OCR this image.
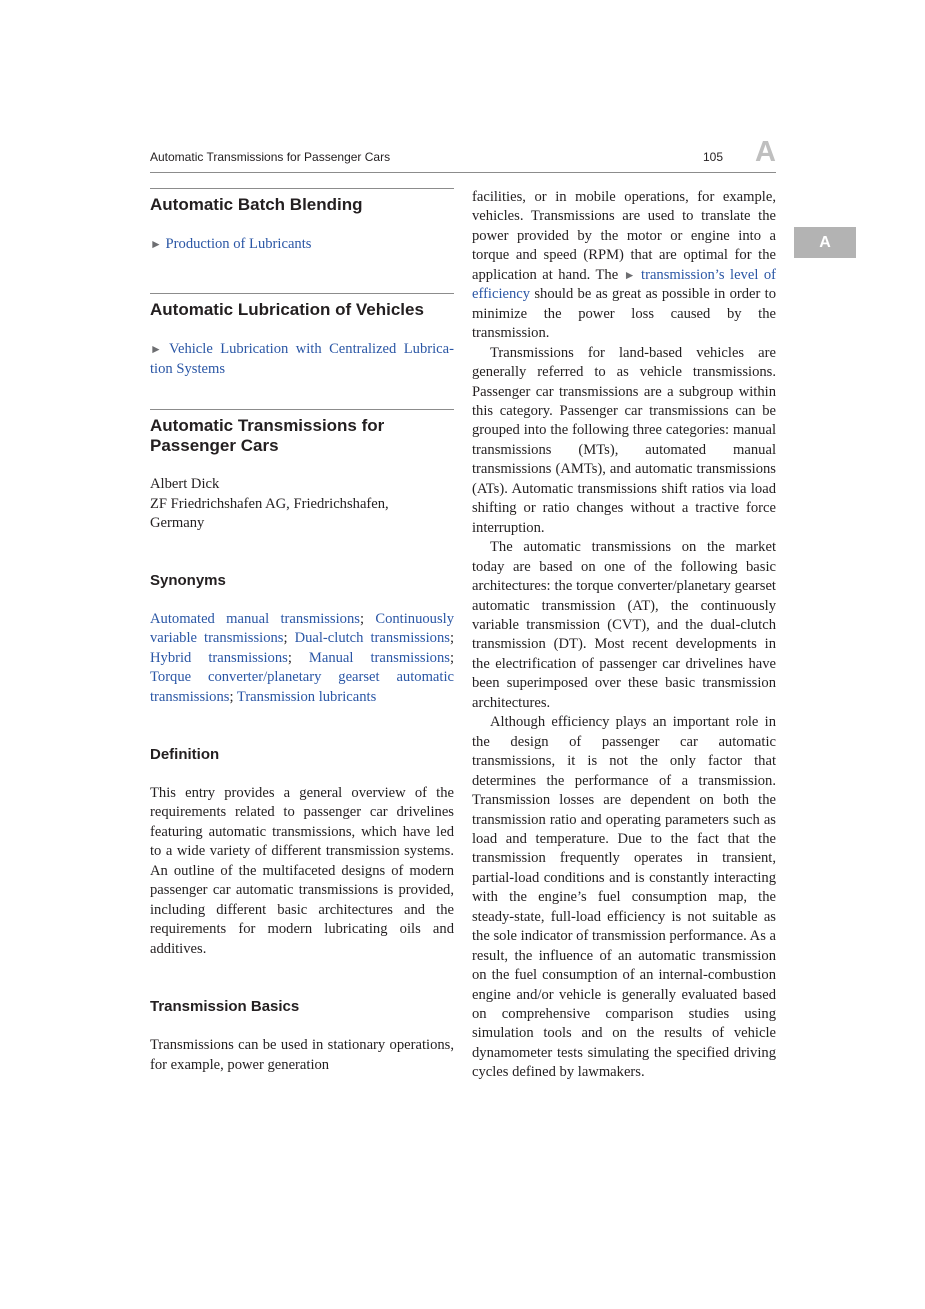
Automatic Transmissions for Passenger Cars	105 A
A
Automatic Batch Blending

► Production of Lubricants

Automatic Lubrication of Vehicles

► Vehicle Lubrication with Centralized Lubrica-tion Systems

Automatic Transmissions for Passenger Cars
Albert Dick
ZF Friedrichshafen AG, Friedrichshafen,
Germany
Synonyms

Automated manual transmissions; Continuously variable transmissions; Dual-clutch transmissions; Hybrid transmissions; Manual transmissions; Torque converter/planetary gearset automatic transmissions; Transmission lubricants

Definition

This entry provides a general overview of the requirements related to passenger car drivelines featuring automatic transmissions, which have led to a wide variety of different transmission systems. An outline of the multifaceted designs of modern passenger car automatic transmissions is provided, including different basic architectures and the requirements for modern lubricating oils and additives.

Transmission Basics

Transmissions can be used in stationary operations, for example, power generation

facilities, or in mobile operations, for example, vehicles. Transmissions are used to translate the power provided by the motor or engine into a torque and speed (RPM) that are optimal for the application at hand. The ► transmission’s level of efficiency should be as great as possible in order to minimize the power loss caused by the transmission.

Transmissions for land-based vehicles are generally referred to as vehicle transmissions. Passenger car transmissions are a subgroup within this category. Passenger car transmissions can be grouped into the following three categories: manual transmissions (MTs), automated manual transmissions (AMTs), and automatic transmissions (ATs). Automatic transmissions shift ratios via load shifting or ratio changes without a tractive force interruption.

The automatic transmissions on the market today are based on one of the following basic architectures: the torque converter/planetary gearset automatic transmission (AT), the continuously variable transmission (CVT), and the dual-clutch transmission (DT). Most recent developments in the electrification of passenger car drivelines have been superimposed over these basic transmission architectures.

Although efficiency plays an important role in the design of passenger car automatic transmissions, it is not the only factor that determines the performance of a transmission. Transmission losses are dependent on both the transmission ratio and operating parameters such as load and temperature. Due to the fact that the transmission frequently operates in transient, partial-load conditions and is constantly interacting with the engine’s fuel consumption map, the steady-state, full-load efficiency is not suitable as the sole indicator of transmission performance. As a result, the influence of an automatic transmission on the fuel consumption of an internal-combustion engine and/or vehicle is generally evaluated based on comprehensive comparison studies using simulation tools and on the results of vehicle dynamometer tests simulating the specified driving cycles defined by lawmakers.
